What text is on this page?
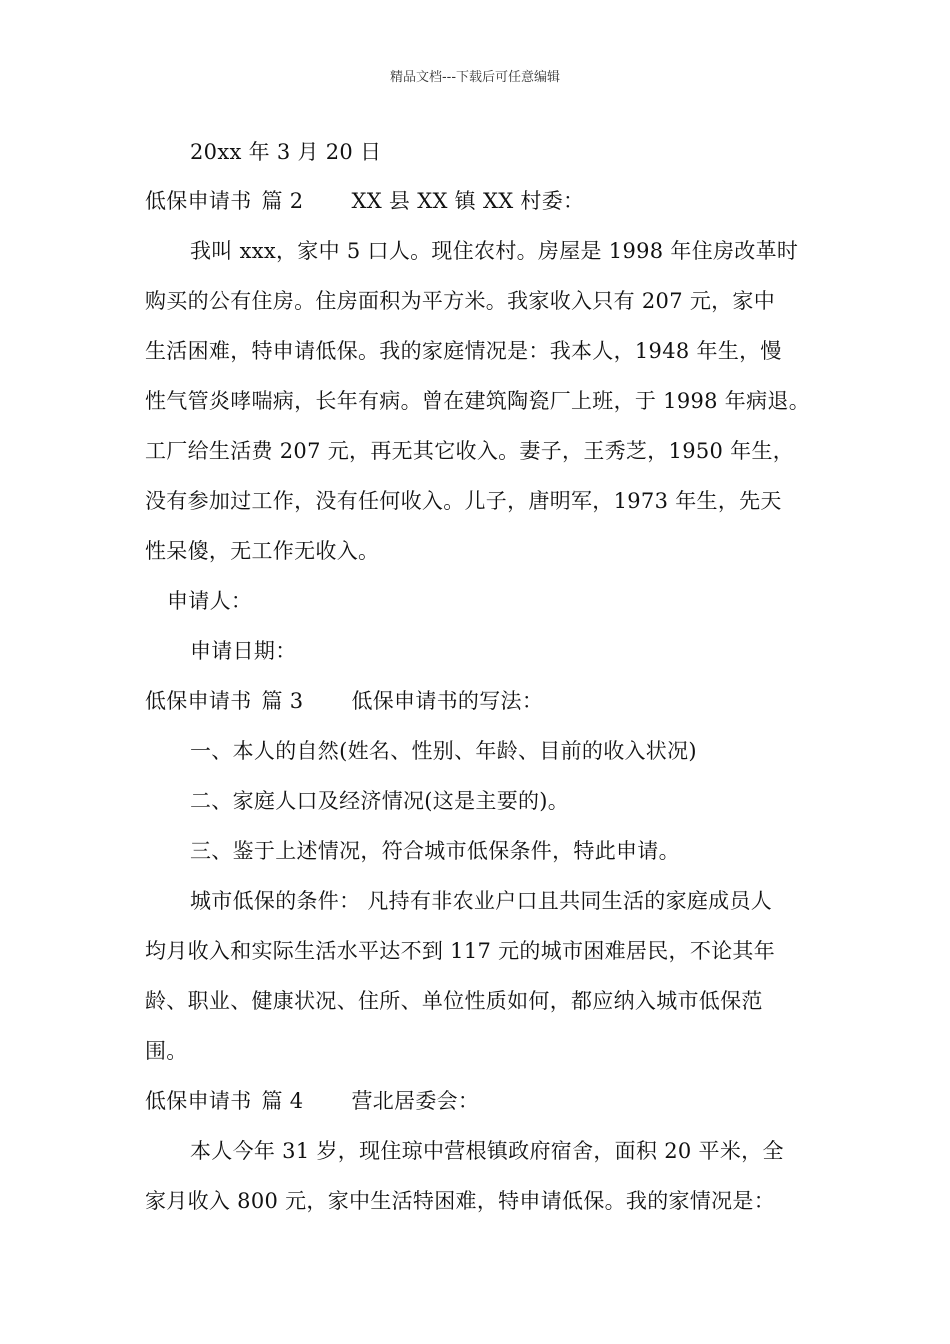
精品文档---下载后可任意编辑
20xx 年 3 月 20 日
低保申请书 篇 2 XX 县 XX 镇 XX 村委：
我叫 xxx，家中 5 口人。现住农村。房屋是 1998 年住房改革时
购买的公有住房。住房面积为平方米。我家收入只有 207 元，家中
生活困难，特申请低保。我的家庭情况是：我本人，1948 年生，慢
性气管炎哮喘病，长年有病。曾在建筑陶瓷厂上班，于 1998 年病退。
工厂给生活费 207 元，再无其它收入。妻子，王秀芝，1950 年生，
没有参加过工作，没有任何收入。儿子，唐明军，1973 年生，先天
性呆傻，无工作无收入。
申请人：
申请日期：
低保申请书 篇 3 低保申请书的写法：
一、本人的自然(姓名、性别、年龄、目前的收入状况)
二、家庭人口及经济情况(这是主要的)。
三、鉴于上述情况，符合城市低保条件，特此申请。
城市低保的条件： 凡持有非农业户口且共同生活的家庭成员人
均月收入和实际生活水平达不到 117 元的城市困难居民，不论其年
龄、职业、健康状况、住所、单位性质如何，都应纳入城市低保范
围。
低保申请书 篇 4 营北居委会：
本人今年 31 岁，现住琼中营根镇政府宿舍，面积 20 平米，全
家月收入 800 元，家中生活特困难，特申请低保。我的家情况是：
